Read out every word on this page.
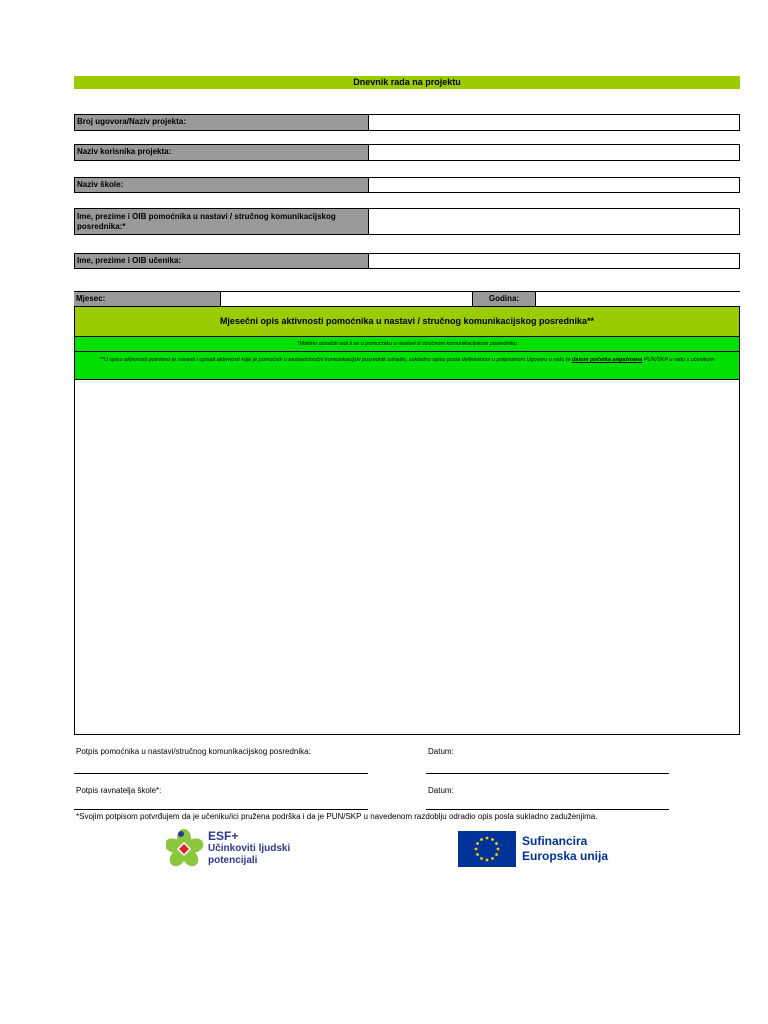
Dnevnik rada na projektu
Broj ugovora/Naziv projekta:
Naziv korisnika projekta:
Naziv škole:
Ime, prezime i OIB pomoćnika u nastavi / stručnog komunikacijskog posrednika:*
Ime, prezime i OIB učenika:
Mjesec:	Godina:
Mjesečni opis aktivnosti pomoćnika u nastavi / stručnog komunikacijskog posrednika**
*Molimo označiti radi li se o pomoćniku u nastavi ili stručnom komunikacijskom posredniku
**U opisu aktivnosti potrebno je navesti i opisati aktivnosti koje je pomoćnik u nastavi/stručni komunikacijski posrednik odradio, sukladno opisu posla definiranom u potpisanom Ugovoru o radu te datum početka angažmana PUN/SKP u radu s učenikom
Potpis pomoćnika u nastavi/stručnog komunikacijskog posrednika:	Datum:
Potpis ravnatelja škole*:	Datum:
*Svojim potpisom potvrđujem da je učeniku/ici pružena podrška i da je PUN/SKP u navedenom razdoblju odradio opis posla sukladno zaduženjima.
ESF+
Učinkoviti ljudski
potencijali
Sufinancira
Europska unija
